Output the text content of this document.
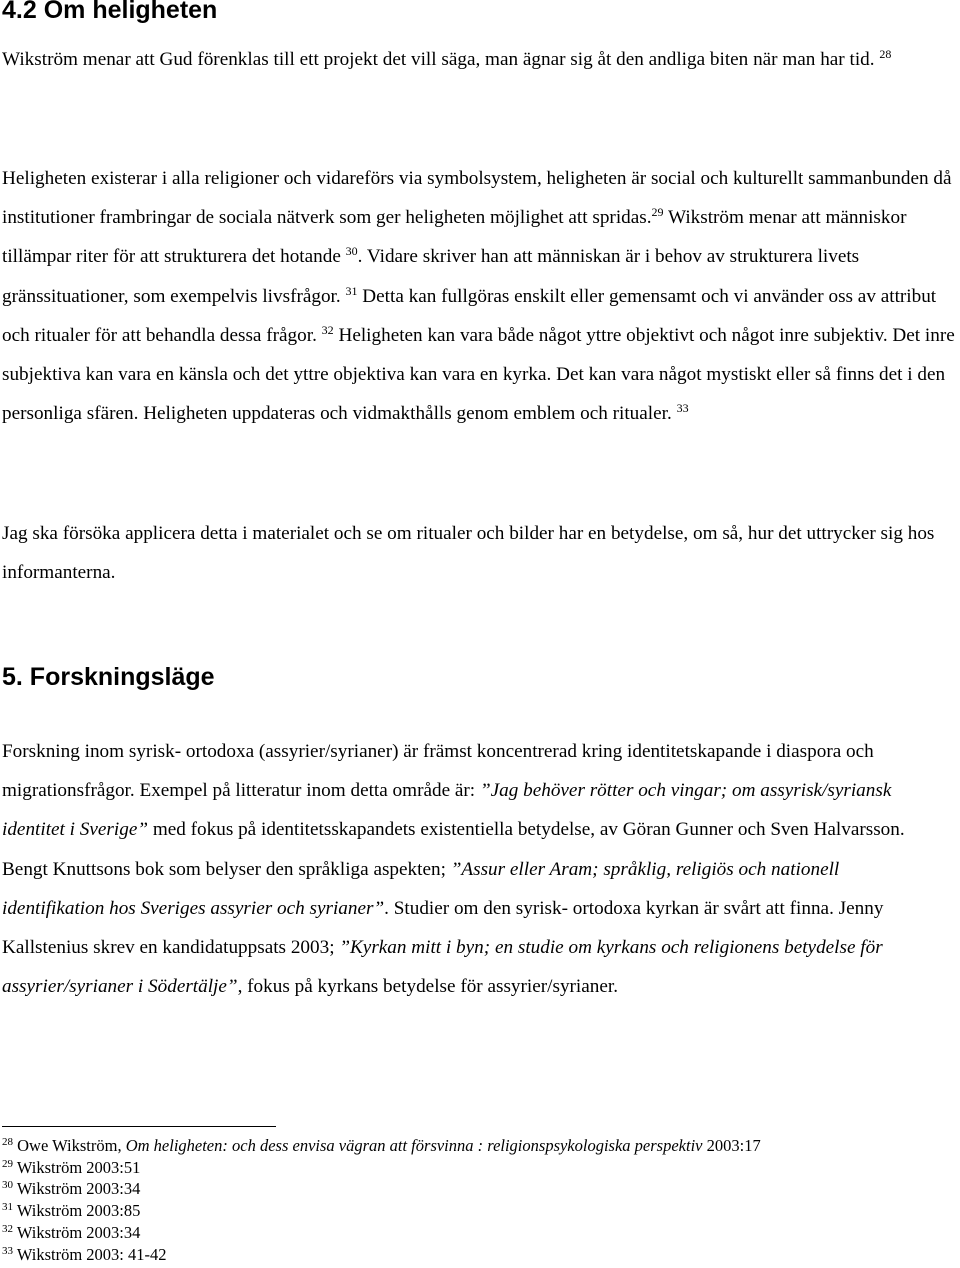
4.2 Om heligheten

Wikström menar att Gud förenklas till ett projekt det vill säga, man ägnar sig åt den andliga biten när man har tid. $^{28}$

Heligheten existerar i alla religioner och vidareförs via symbolsystem, heligheten är social och kulturellt sammanbunden då institutioner frambringar de sociala nätverk som ger heligheten möjlighet att spridas.$^{29}$ Wikström menar att människor tillämpar riter för att strukturera det hotande $^{30}$. Vidare skriver han att människan är i behov av strukturera livets gränssituationer, som exempelvis livsfrågor. $^{31}$ Detta kan fullgöras enskilt eller gemensamt och vi använder oss av attribut och ritualer för att behandla dessa frågor. $^{32}$ Heligheten kan vara både något yttre objektivt och något inre subjektiv. Det inre subjektiva kan vara en känsla och det yttre objektiva kan vara en kyrka. Det kan vara något mystiskt eller så finns det i den personliga sfären. Heligheten uppdateras och vidmakthålls genom emblem och ritualer. $^{33}$

Jag ska försöka applicera detta i materialet och se om ritualer och bilder har en betydelse, om så, hur det uttrycker sig hos informanterna.

5. Forskningsläge

Forskning inom syrisk- ortodoxa (assyrier/syrianer) är främst koncentrerad kring identitetskapande i diaspora och migrationsfrågor. Exempel på litteratur inom detta område är: ”Jag behöver rötter och vingar; om assyrisk/syriansk identitet i Sverige” med fokus på identitetsskapandets existentiella betydelse, av Göran Gunner och Sven Halvarsson. Bengt Knuttsons bok som belyser den språkliga aspekten; ”Assur eller Aram; språklig, religiös och nationell identifikation hos Sveriges assyrier och syrianer”. Studier om den syrisk- ortodoxa kyrkan är svårt att finna. Jenny Kallstenius skrev en kandidatuppsats 2003; ”Kyrkan mitt i byn; en studie om kyrkans och religionens betydelse för assyrier/syrianer i Södertälje”, fokus på kyrkans betydelse för assyrier/syrianer.

$^{28}$ Owe Wikström, Om heligheten: och dess envisa vägran att försvinna : religionspsykologiska perspektiv 2003:17
$^{29}$ Wikström 2003:51
$^{30}$ Wikström 2003:34
$^{31}$ Wikström 2003:85
$^{32}$ Wikström 2003:34
$^{33}$ Wikström 2003: 41-42
